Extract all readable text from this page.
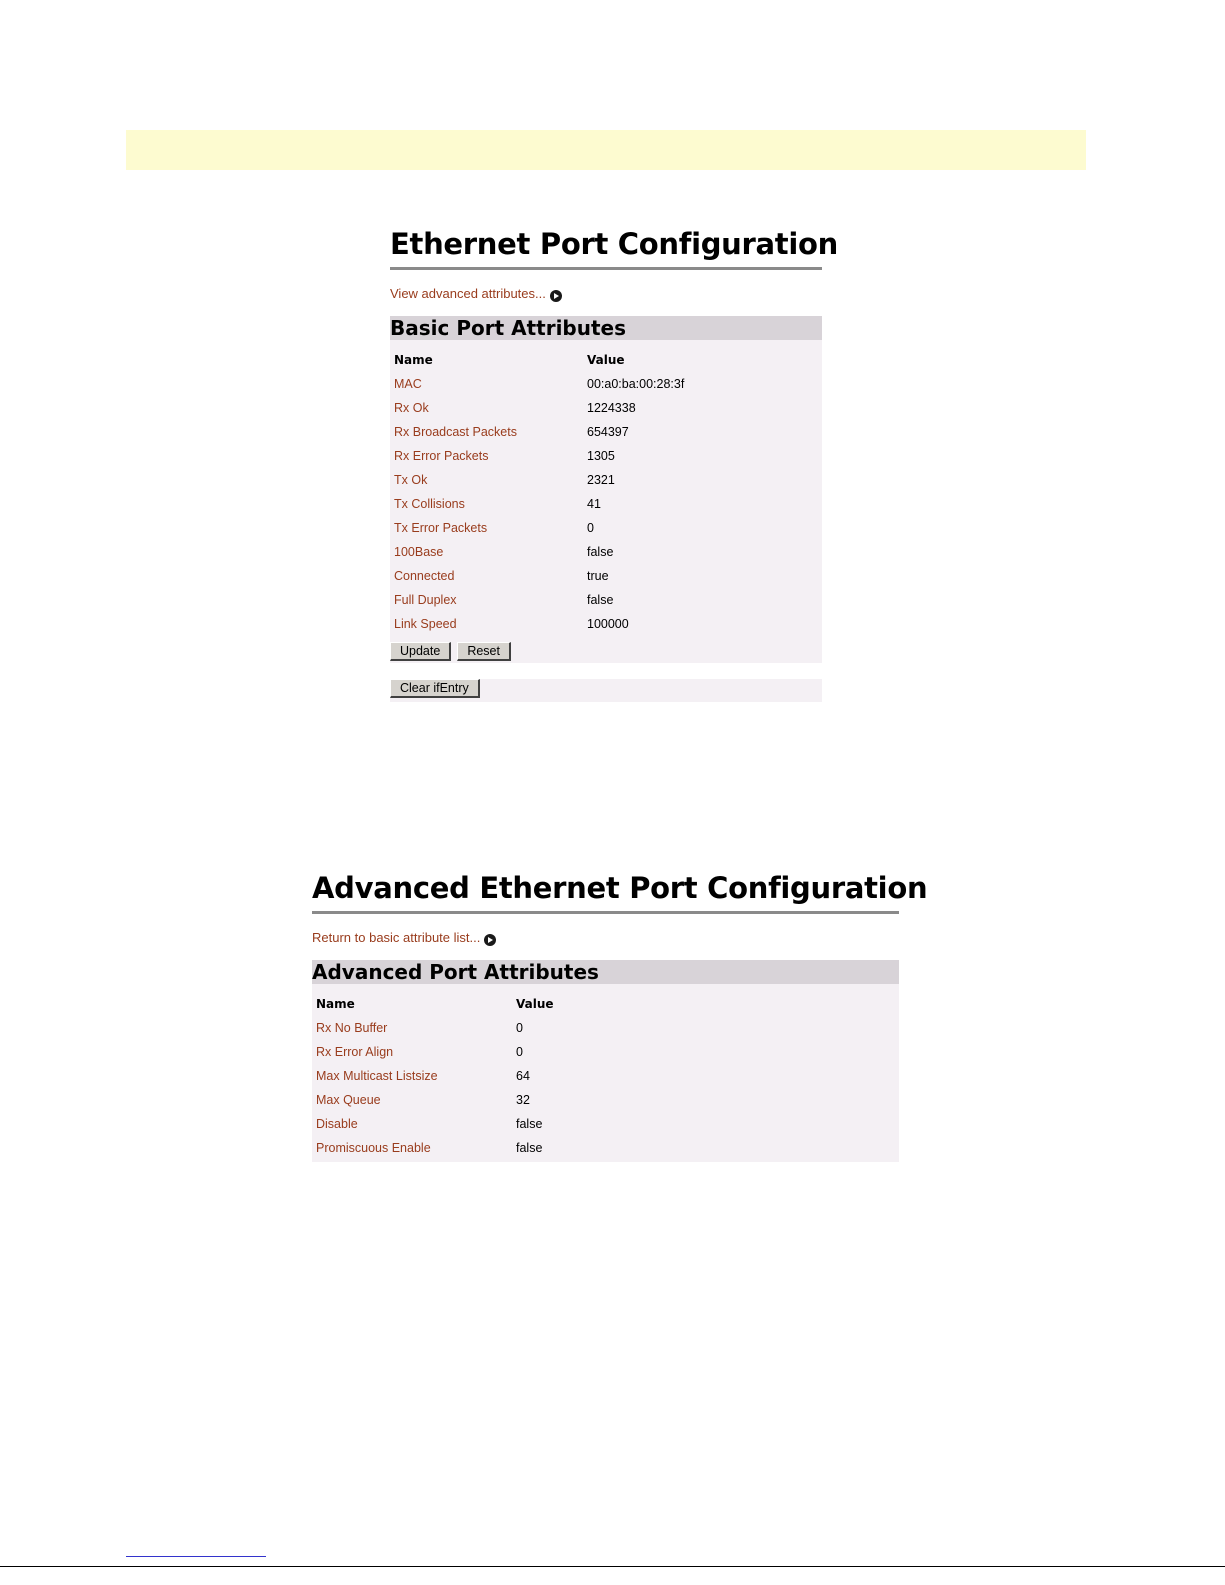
Ethernet Port Configuration
View advanced attributes...
Basic Port Attributes
Name	Value
MAC	00:a0:ba:00:28:3f
Rx Ok	1224338
Rx Broadcast Packets	654397
Rx Error Packets	1305
Tx Ok	2321
Tx Collisions	41
Tx Error Packets	0
100Base	false
Connected	true
Full Duplex	false
Link Speed	100000
Update	Reset
Clear ifEntry
Advanced Ethernet Port Configuration
Return to basic attribute list...
Advanced Port Attributes
Name	Value
Rx No Buffer	0
Rx Error Align	0
Max Multicast Listsize	64
Max Queue	32
Disable	false
Promiscuous Enable	false
